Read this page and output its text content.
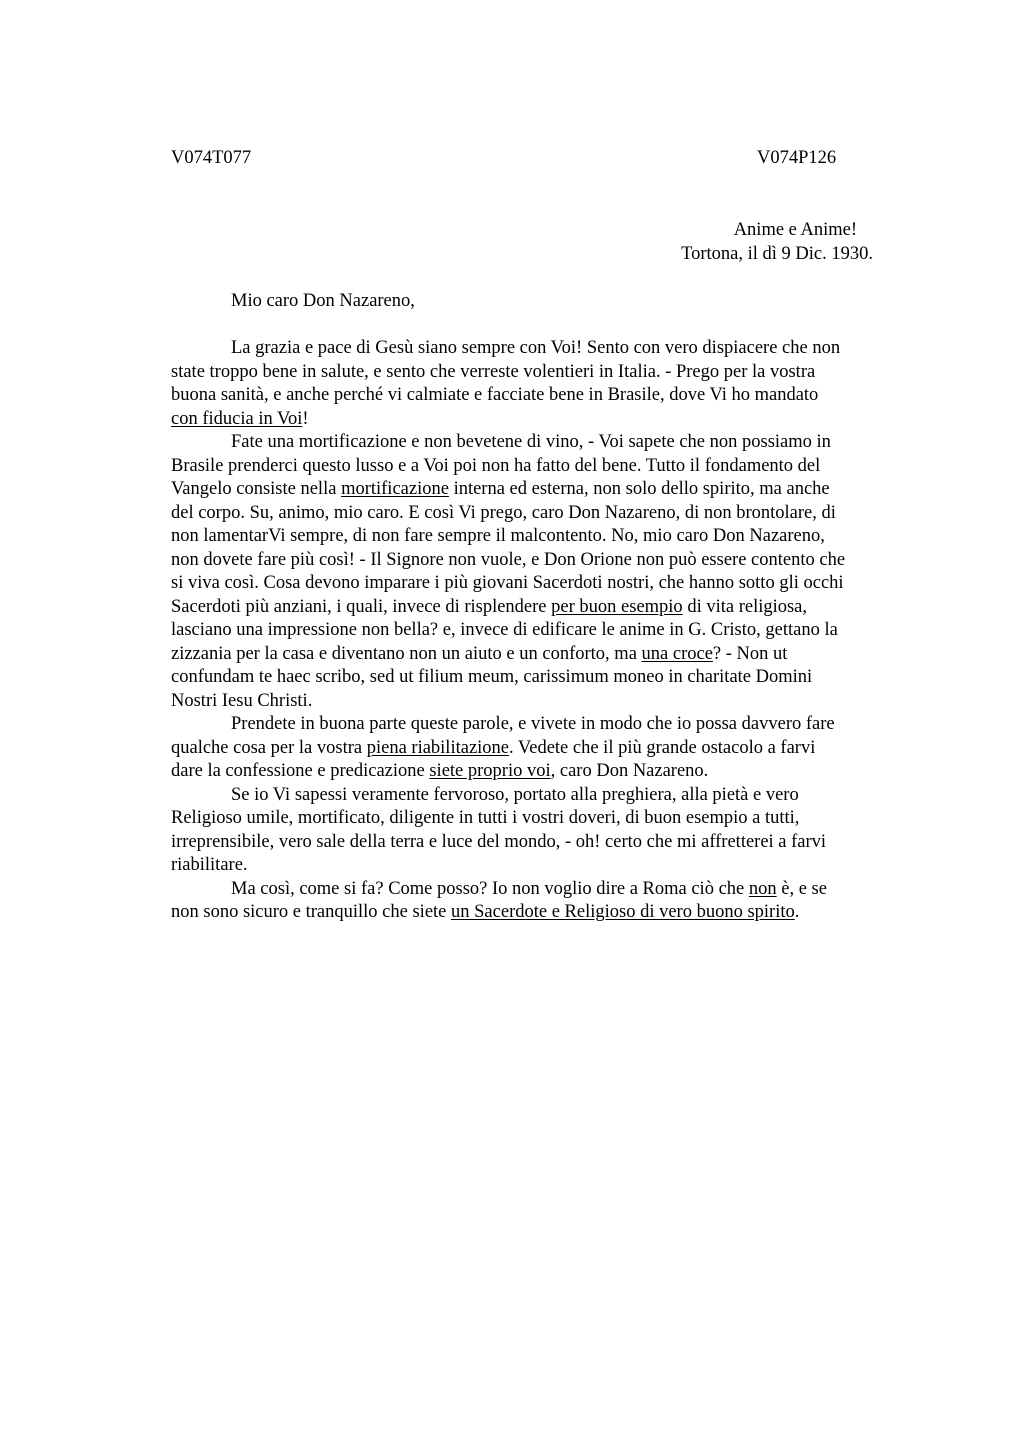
V074T077	V074P126
Anime e Anime!
Tortona, il dì 9 Dic. 1930.
Mio caro Don Nazareno,
La grazia e pace di Gesù siano sempre con Voi! Sento con vero dispiacere che non
state troppo bene in salute, e sento che verreste volentieri in Italia. - Prego per la vostra
buona sanità, e anche perché vi calmiate e facciate bene in Brasile, dove Vi ho mandato
con fiducia in Voi!
Fate una mortificazione e non bevetene di vino, - Voi sapete che non possiamo in
Brasile prenderci questo lusso e a Voi poi non ha fatto del bene. Tutto il fondamento del
Vangelo consiste nella mortificazione interna ed esterna, non solo dello spirito, ma anche
del corpo. Su, animo, mio caro. E così Vi prego, caro Don Nazareno, di non brontolare, di
non lamentarVi sempre, di non fare sempre il malcontento. No, mio caro Don Nazareno,
non dovete fare più così! - Il Signore non vuole, e Don Orione non può essere contento che
si viva così. Cosa devono imparare i più giovani Sacerdoti nostri, che hanno sotto gli occhi
Sacerdoti più anziani, i quali, invece di risplendere per buon esempio di vita religiosa,
lasciano una impressione non bella? e, invece di edificare le anime in G. Cristo, gettano la
zizzania per la casa e diventano non un aiuto e un conforto, ma una croce? - Non ut
confundam te haec scribo, sed ut filium meum, carissimum moneo in charitate Domini
Nostri Iesu Christi.
Prendete in buona parte queste parole, e vivete in modo che io possa davvero fare
qualche cosa per la vostra piena riabilitazione. Vedete che il più grande ostacolo a farvi
dare la confessione e predicazione siete proprio voi, caro Don Nazareno.
Se io Vi sapessi veramente fervoroso, portato alla preghiera, alla pietà e vero
Religioso umile, mortificato, diligente in tutti i vostri doveri, di buon esempio a tutti,
irreprensibile, vero sale della terra e luce del mondo, - oh! certo che mi affretterei a farvi
riabilitare.
Ma così, come si fa? Come posso? Io non voglio dire a Roma ciò che non è, e se
non sono sicuro e tranquillo che siete un Sacerdote e Religioso di vero buono spirito.
